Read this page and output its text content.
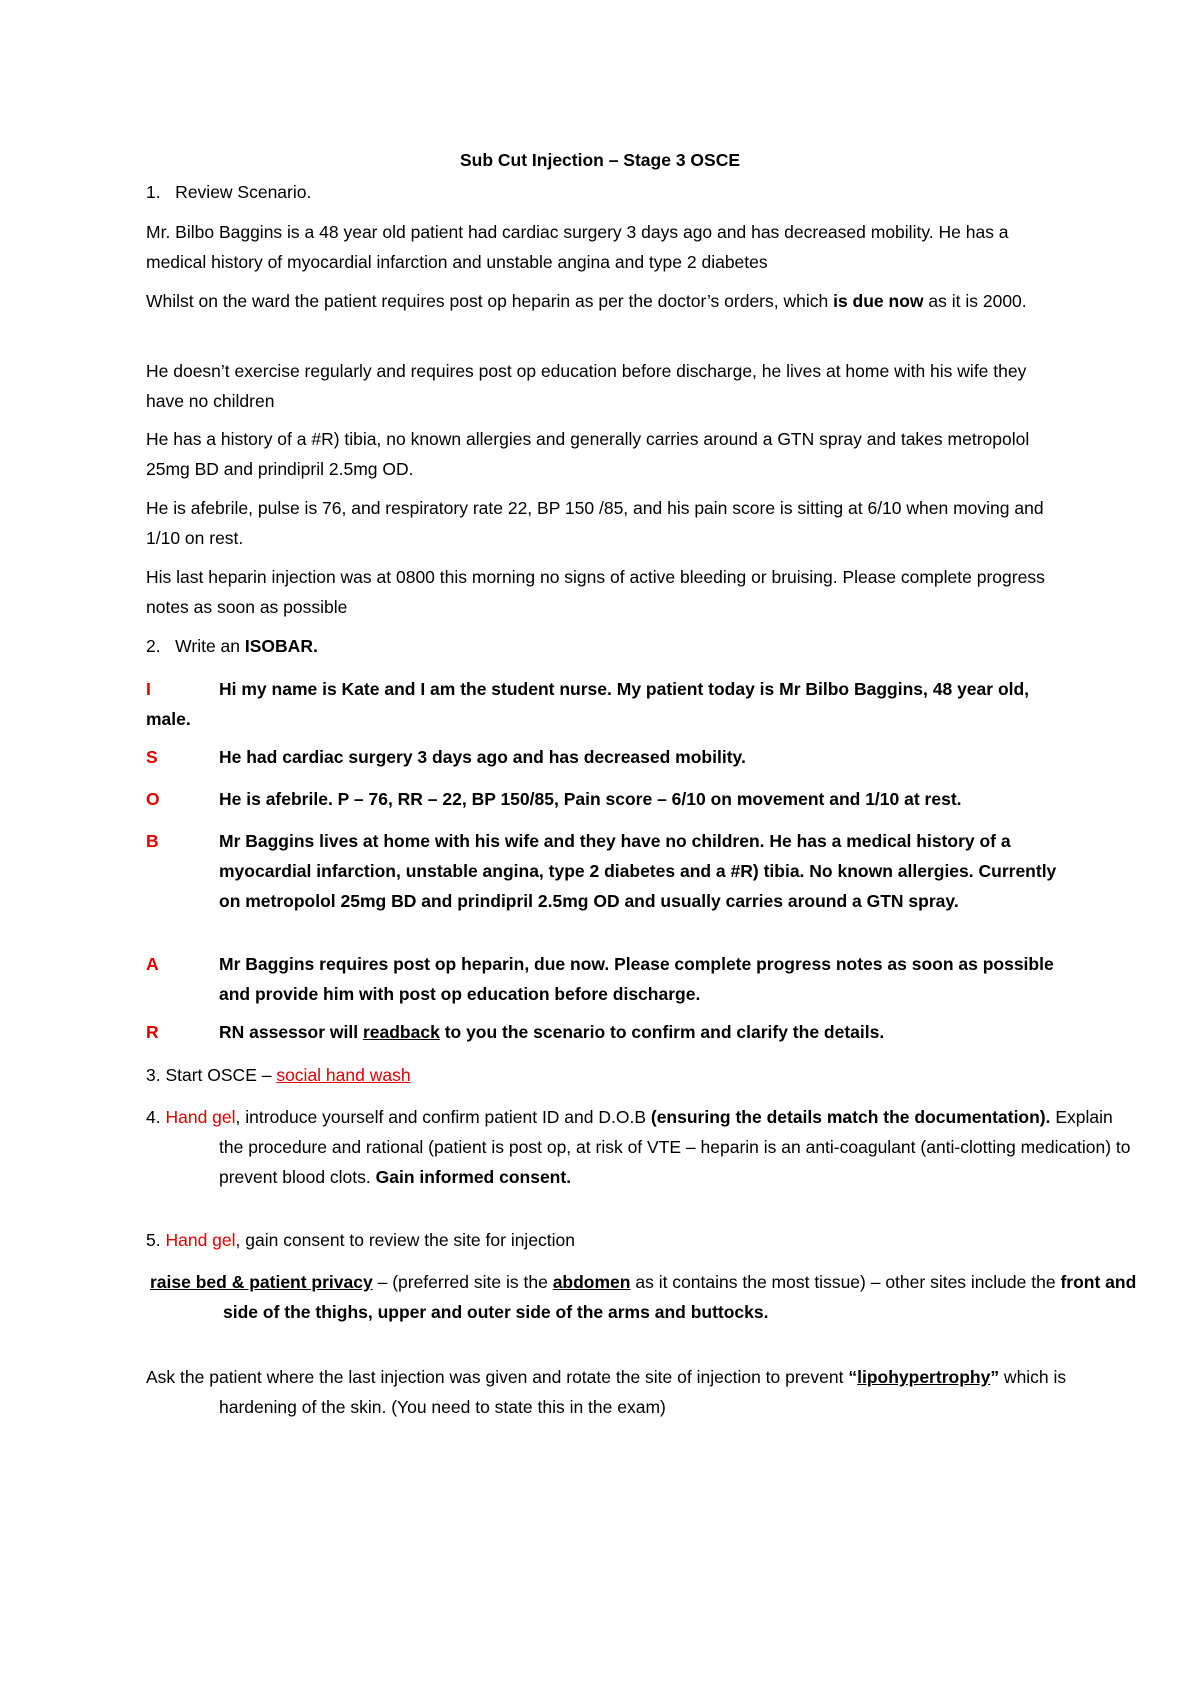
Sub Cut Injection – Stage 3 OSCE

1.   Review Scenario.

Mr. Bilbo Baggins is a 48 year old patient had cardiac surgery 3 days ago and has decreased mobility. He has a medical history of myocardial infarction and unstable angina and type 2 diabetes

Whilst on the ward the patient requires post op heparin as per the doctor’s orders, which is due now as it is 2000.

He doesn’t exercise regularly and requires post op education before discharge, he lives at home with his wife they have no children

He has a history of a #R) tibia, no known allergies and generally carries around a GTN spray and takes metropolol 25mg BD and prindipril 2.5mg OD.

He is afebrile, pulse is 76, and respiratory rate 22, BP 150 /85, and his pain score is sitting at 6/10 when moving and 1/10 on rest.

His last heparin injection was at 0800 this morning no signs of active bleeding or bruising. Please complete progress notes as soon as possible

2.   Write an ISOBAR.

I	Hi my name is Kate and I am the student nurse. My patient today is Mr Bilbo Baggins, 48 year old, male.
S	He had cardiac surgery 3 days ago and has decreased mobility.
O	He is afebrile. P – 76, RR – 22, BP 150/85, Pain score – 6/10 on movement and 1/10 at rest.
B	Mr Baggins lives at home with his wife and they have no children. He has a medical history of a myocardial infarction, unstable angina, type 2 diabetes and a #R) tibia. No known allergies. Currently on metropolol 25mg BD and prindipril 2.5mg OD and usually carries around a GTN spray.
A	Mr Baggins requires post op heparin, due now. Please complete progress notes as soon as possible and provide him with post op education before discharge.
R	RN assessor will readback to you the scenario to confirm and clarify the details.

3. Start OSCE – social hand wash

4. Hand gel, introduce yourself and confirm patient ID and D.O.B (ensuring the details match the documentation). Explain the procedure and rational (patient is post op, at risk of VTE – heparin is an anti-coagulant (anti-clotting medication) to prevent blood clots. Gain informed consent.

5. Hand gel, gain consent to review the site for injection

raise bed & patient privacy – (preferred site is the abdomen as it contains the most tissue) – other sites include the front and side of the thighs, upper and outer side of the arms and buttocks.

Ask the patient where the last injection was given and rotate the site of injection to prevent “lipohypertrophy” which is hardening of the skin. (You need to state this in the exam)
